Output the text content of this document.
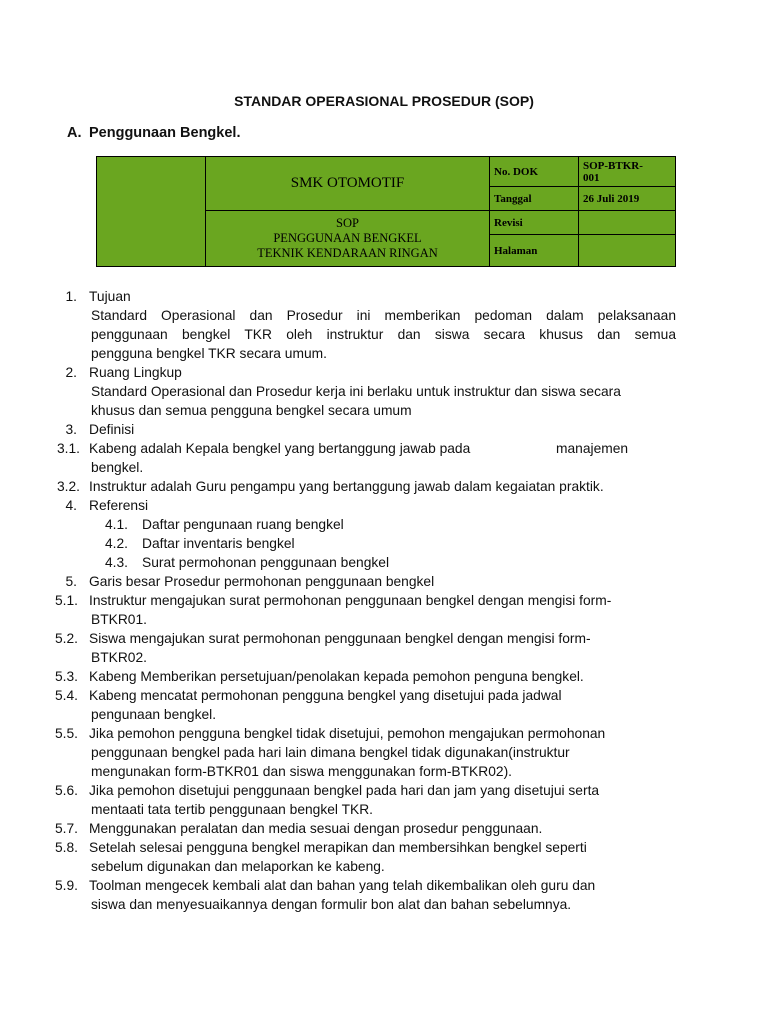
STANDAR OPERASIONAL PROSEDUR (SOP)
A. Penggunaan Bengkel.
	SMK OTOMOTIF	No. DOK	SOP-BTKR-
001
		Tanggal	26 Juli 2019

	SOP
PENGGUNAAN BENGKEL
TEKNIK KENDARAAN RINGAN	Revisi	
		Halaman	
1. Tujuan
Standard Operasional dan Prosedur ini memberikan pedoman dalam pelaksanaan
penggunaan bengkel TKR oleh instruktur dan siswa secara khusus dan semua
pengguna bengkel TKR secara umum.
2. Ruang Lingkup
Standard Operasional dan Prosedur kerja ini berlaku untuk instruktur dan siswa secara
khusus dan semua pengguna bengkel secara umum
3. Definisi
3.1. Kabeng adalah Kepala bengkel yang bertanggung jawab pada	manajemen
bengkel.
3.2. Instruktur adalah Guru pengampu yang bertanggung jawab dalam kegaiatan praktik.
4. Referensi
4.1. Daftar pengunaan ruang bengkel
4.2. Daftar inventaris bengkel
4.3. Surat permohonan penggunaan bengkel
5. Garis besar Prosedur permohonan penggunaan bengkel
5.1. Instruktur mengajukan surat permohonan penggunaan bengkel dengan mengisi form-
BTKR01.
5.2. Siswa mengajukan surat permohonan penggunaan bengkel dengan mengisi form-
BTKR02.
5.3. Kabeng Memberikan persetujuan/penolakan kepada pemohon penguna bengkel.
5.4. Kabeng mencatat permohonan pengguna bengkel yang disetujui pada jadwal
pengunaan bengkel.
5.5. Jika pemohon pengguna bengkel tidak disetujui, pemohon mengajukan permohonan
penggunaan bengkel pada hari lain dimana bengkel tidak digunakan(instruktur
mengunakan form-BTKR01 dan siswa menggunakan form-BTKR02).
5.6. Jika pemohon disetujui penggunaan bengkel pada hari dan jam yang disetujui serta
mentaati tata tertib penggunaan bengkel TKR.
5.7. Menggunakan peralatan dan media sesuai dengan prosedur penggunaan.
5.8. Setelah selesai pengguna bengkel merapikan dan membersihkan bengkel seperti
sebelum digunakan dan melaporkan ke kabeng.
5.9. Toolman mengecek kembali alat dan bahan yang telah dikembalikan oleh guru dan
siswa dan menyesuaikannya dengan formulir bon alat dan bahan sebelumnya.
